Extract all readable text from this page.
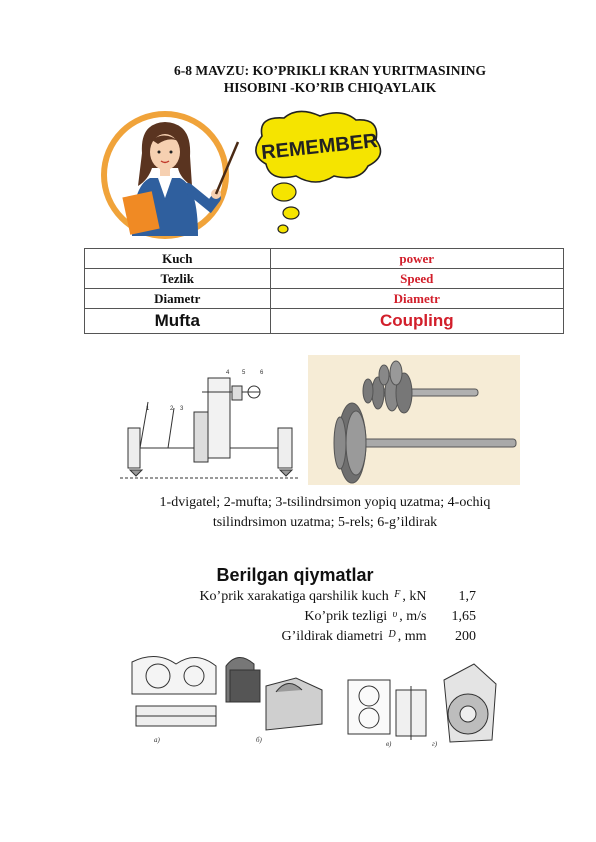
6-8 MAVZU: KO’PRIKLI KRAN YURITMASINING
HISOBINI -KO’RIB CHIQAYLAIK
REMEMBER
Kuch	power
Tezlik	Speed
Diametr	Diametr
Mufta	Coupling
1	2 3
4 5 6
1-dvigatel; 2-mufta; 3-tsilindrsimon yopiq uzatma; 4-ochiq
tsilindrsimon uzatma; 5-rels; 6-g’ildirak
Berilgan qiymatlar
Ko’prik xarakatiga qarshilik kuch $^F$ , kN 1,7
Ko’prik tezligi $^\upsilon$ , m/s 1,65
G’ildirak diametri $^D$ , mm 200
а)	б)	в)	г)
